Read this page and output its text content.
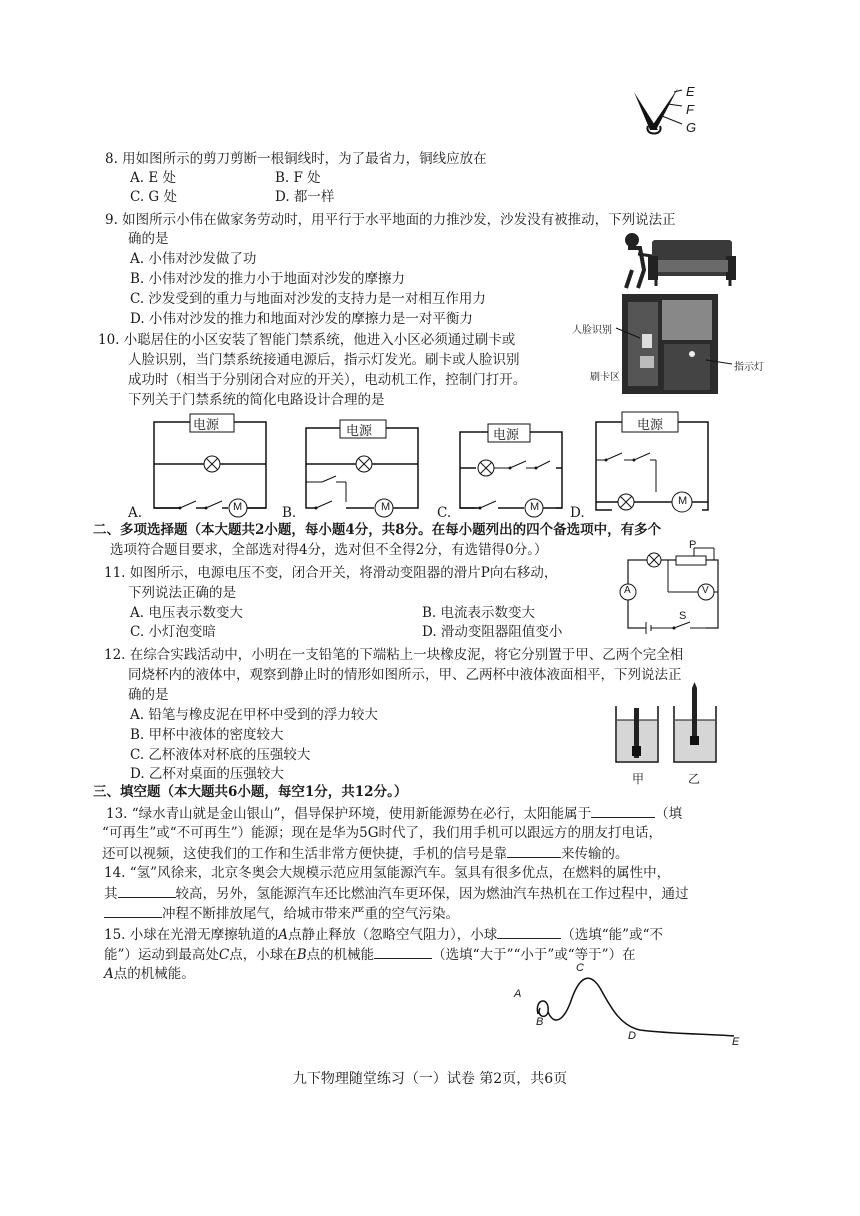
E
F
G
8. 用如图所示的剪刀剪断一根铜线时，为了最省力，铜线应放在
A. E 处	B. F 处
C. G 处	D. 都一样
9. 如图所示小伟在做家务劳动时，用平行于水平地面的力推沙发，沙发没有被推动，下列说法正
确的是
A. 小伟对沙发做了功
B. 小伟对沙发的推力小于地面对沙发的摩擦力
C. 沙发受到的重力与地面对沙发的支持力是一对相互作用力
D. 小伟对沙发的推力和地面对沙发的摩擦力是一对平衡力
10. 小聪居住的小区安装了智能门禁系统，他进入小区必须通过刷卡或
人脸识别，当门禁系统接通电源后，指示灯发光。刷卡或人脸识别
成功时（相当于分别闭合对应的开关），电动机工作，控制门打开。
下列关于门禁系统的简化电路设计合理的是
人脸识别
刷卡区
指示灯
电源
M
A.
电源
M
B.
电源
M
C.
电源
M
D.
二、多项选择题（本大题共2小题，每小题4分，共8分。在每小题列出的四个备选项中，有多个
选项符合题目要求，全部选对得4分，选对但不全得2分，有选错得0分。）
11. 如图所示，电源电压不变，闭合开关，将滑动变阻器的滑片P向右移动，
下列说法正确的是
A. 电压表示数变大	B. 电流表示数变大
C. 小灯泡变暗	D. 滑动变阻器阻值变小
P
A	V
S
12. 在综合实践活动中，小明在一支铅笔的下端粘上一块橡皮泥，将它分别置于甲、乙两个完全相
同烧杯内的液体中，观察到静止时的情形如图所示，甲、乙两杯中液体液面相平，下列说法正
确的是
A. 铅笔与橡皮泥在甲杯中受到的浮力较大
B. 甲杯中液体的密度较大
C. 乙杯液体对杯底的压强较大
D. 乙杯对桌面的压强较大	甲	乙
三、填空题（本大题共6小题，每空1分，共12分。）
13. “绿水青山就是金山银山”，倡导保护环境，使用新能源势在必行，太阳能属于	（填
“可再生”或“不可再生”）能源；现在是华为5G时代了，我们用手机可以跟远方的朋友打电话，
还可以视频，这使我们的工作和生活非常方便快捷，手机的信号是靠	来传输的。
14. “氢”风徐来，北京冬奥会大规模示范应用氢能源汽车。氢具有很多优点，在燃料的属性中，
其	较高，另外，氢能源汽车还比燃油汽车更环保，因为燃油汽车热机在工作过程中，通过
冲程不断排放尾气，给城市带来严重的空气污染。
15. 小球在光滑无摩擦轨道的A点静止释放（忽略空气阻力），小球	（选填“能”或“不
能”）运动到最高处C点，小球在B点的机械能	（选填“大于”“小于”或“等于”）在
A点的机械能。
A
B
C
D	E
九下物理随堂练习（一）试卷 第2页，共6页
